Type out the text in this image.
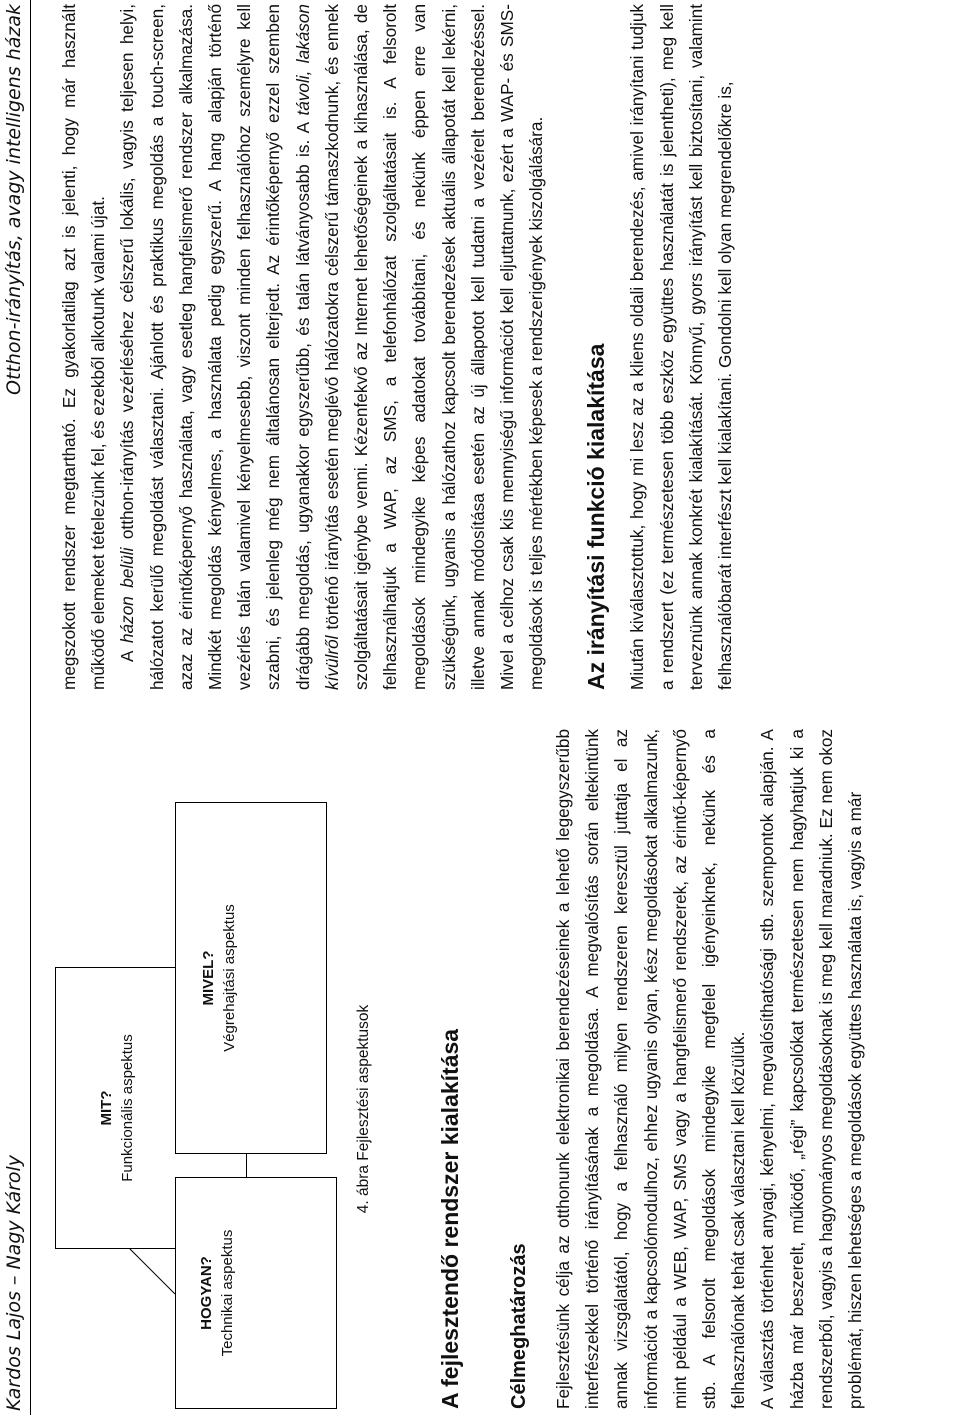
Kardos Lajos – Nagy Károly
Otthon-irányítás, avagy intelligens házak
MIT? Funkcionális aspektus
HOGYAN? Technikai aspektus
MIVEL? Végrehajtási aspektus
4. ábra Fejlesztési aspektusok	A fejlesztendő rendszer kialakítása Célmeghatározás Fejlesztésünk célja az otthonunk elektronikai berendezéseinek a lehető legegyszerűbb interfészekkel történő irányításának a megoldása. A megvalósítás során eltekintünk annak vizsgálatától, hogy a felhasználó milyen rendszeren keresztül juttatja el az információt a kapcsolómodulhoz, ehhez ugyanis olyan, kész megoldásokat alkalmazunk, mint például a WEB, WAP, SMS vagy a hangfelismerő rendszerek, az érintő-képernyő stb. A felsorolt megoldások mindegyike megfelel igényeinknek, nekünk és a felhasználónak tehát csak választani kell közülük. A választás történhet anyagi, kényelmi, megvalósíthatósági stb. szempontok alapján. A házba már beszerelt, működő, „régi” kapcsolókat természetesen nem hagyhatjuk ki a rendszerből, vagyis a hagyományos megoldásoknak is meg kell maradniuk. Ez nem okoz problémát, hiszen lehetséges a megoldások együttes használata is, vagyis a már

megszokott rendszer megtartható. Ez gyakorlatilag azt is jelenti, hogy már használt működő elemeket tételezünk fel, és ezekből alkotunk valami újat. A házon belüli otthon-irányítás vezérléséhez célszerű lokális, vagyis teljesen helyi, hálózatot kerülő megoldást választani. Ajánlott és praktikus megoldás a touch-screen, azaz az érintőképernyő használata, vagy esetleg hangfelismerő rendszer alkalmazása. Mindkét megoldás kényelmes, a használata pedig egyszerű. A hang alapján történő vezérlés talán valamivel kényelmesebb, viszont minden felhasználóhoz személyre kell szabni, és jelenleg még nem általánosan elterjedt. Az érintőképernyő ezzel szemben drágább megoldás, ugyanakkor egyszerűbb, és talán látványosabb is. A távoli, lakáson kívülről történő irányítás esetén meglévő hálózatokra célszerű támaszkodnunk, és ennek szolgáltatásait igénybe venni. Kézenfekvő az Internet lehetőségeinek a kihasználása, de felhasználhatjuk a WAP, az SMS, a telefonhálózat szolgáltatásait is. A felsorolt megoldások mindegyike képes adatokat továbbítani, és nekünk éppen erre van szükségünk, ugyanis a hálózathoz kapcsolt berendezések aktuális állapotát kell lekérni, illetve annak módosítása esetén az új állapotot kell tudatni a vezérelt berendezéssel. Mivel a célhoz csak kis mennyiségű információt kell eljuttatnunk, ezért a WAP- és SMS-megoldások is teljes mértékben képesek a rendszerigények kiszolgálására. Az irányítási funkció kialakítása Miután kiválasztottuk, hogy mi lesz az a kliens oldali berendezés, amivel irányítani tudjuk a rendszert (ez természetesen több eszköz együttes használatát is jelentheti), meg kell terveznünk annak konkrét kialakítását. Könnyű, gyors irányítást kell biztosítani, valamint felhasználóbarát interfészt kell kialakítani. Gondolni kell olyan megrendelőkre is,
